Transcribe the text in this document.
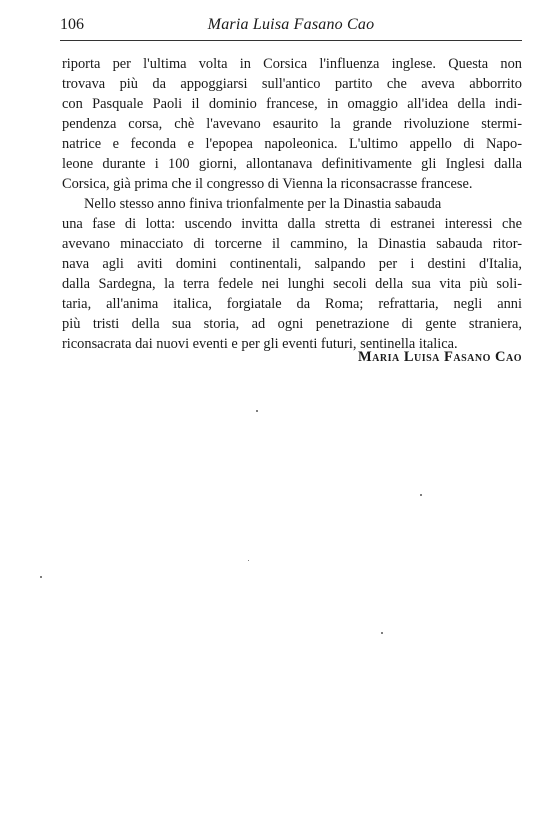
106	Maria Luisa Fasano Cao

riporta per l'ultima volta in Corsica l'influenza inglese. Questa non
trovava più da appoggiarsi sull'antico partito che aveva abborrito
con Pasquale Paoli il dominio francese, in omaggio all'idea della indi-
pendenza corsa, chè l'avevano esaurito la grande rivoluzione stermi-
natrice e feconda e l'epopea napoleonica. L'ultimo appello di Napo-
leone durante i 100 giorni, allontanava definitivamente gli Inglesi dalla
Corsica, già prima che il congresso di Vienna la riconsacrasse francese.

Nello stesso anno finiva trionfalmente per la Dinastia sabauda
una fase di lotta: uscendo invitta dalla stretta di estranei interessi che
avevano minacciato di torcerne il cammino, la Dinastia sabauda ritor-
nava agli aviti domini continentali, salpando per i destini d'Italia,
dalla Sardegna, la terra fedele nei lunghi secoli della sua vita più soli-
taria, all'anima italica, forgiatale da Roma; refrattaria, negli anni
più tristi della sua storia, ad ogni penetrazione di gente straniera,
riconsacrata dai nuovi eventi e per gli eventi futuri, sentinella italica.

Maria Luisa Fasano Cao
